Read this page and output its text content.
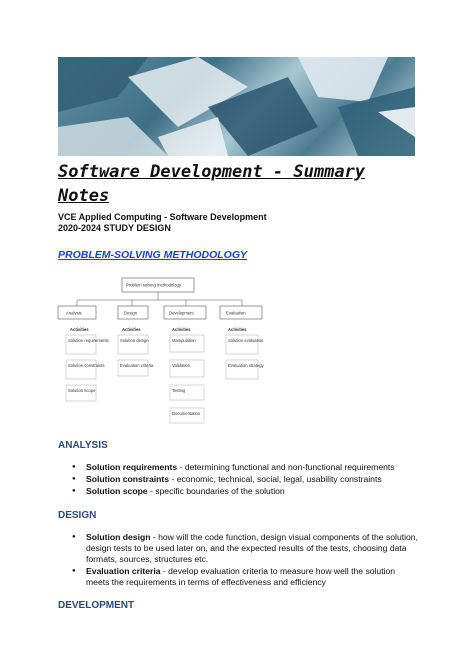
Software Development - Summary Notes
VCE Applied Computing - Software Development
2020-2024 STUDY DESIGN
PROBLEM-SOLVING METHODOLOGY
Problem solving methodology
Analysis
Activities
Solution requirements
Solution constraints
Solution scope
Design
Activities
Solution design
Evaluation criteria
Development
Activities
Manipulation
Validation
Testing
Documentation
Evaluation
Activities
Solution evaluation
Evaluation strategy
ANALYSIS
● Solution requirements - determining functional and non-functional requirements
● Solution constraints - economic, technical, social, legal, usability constraints
● Solution scope - specific boundaries of the solution
DESIGN
● Solution design - how will the code function, design visual components of the solution, design tests to be used later on, and the expected results of the tests, choosing data formats, sources, structures etc.
● Evaluation criteria - develop evaluation criteria to measure how well the solution meets the requirements in terms of effectiveness and efficiency
DEVELOPMENT
